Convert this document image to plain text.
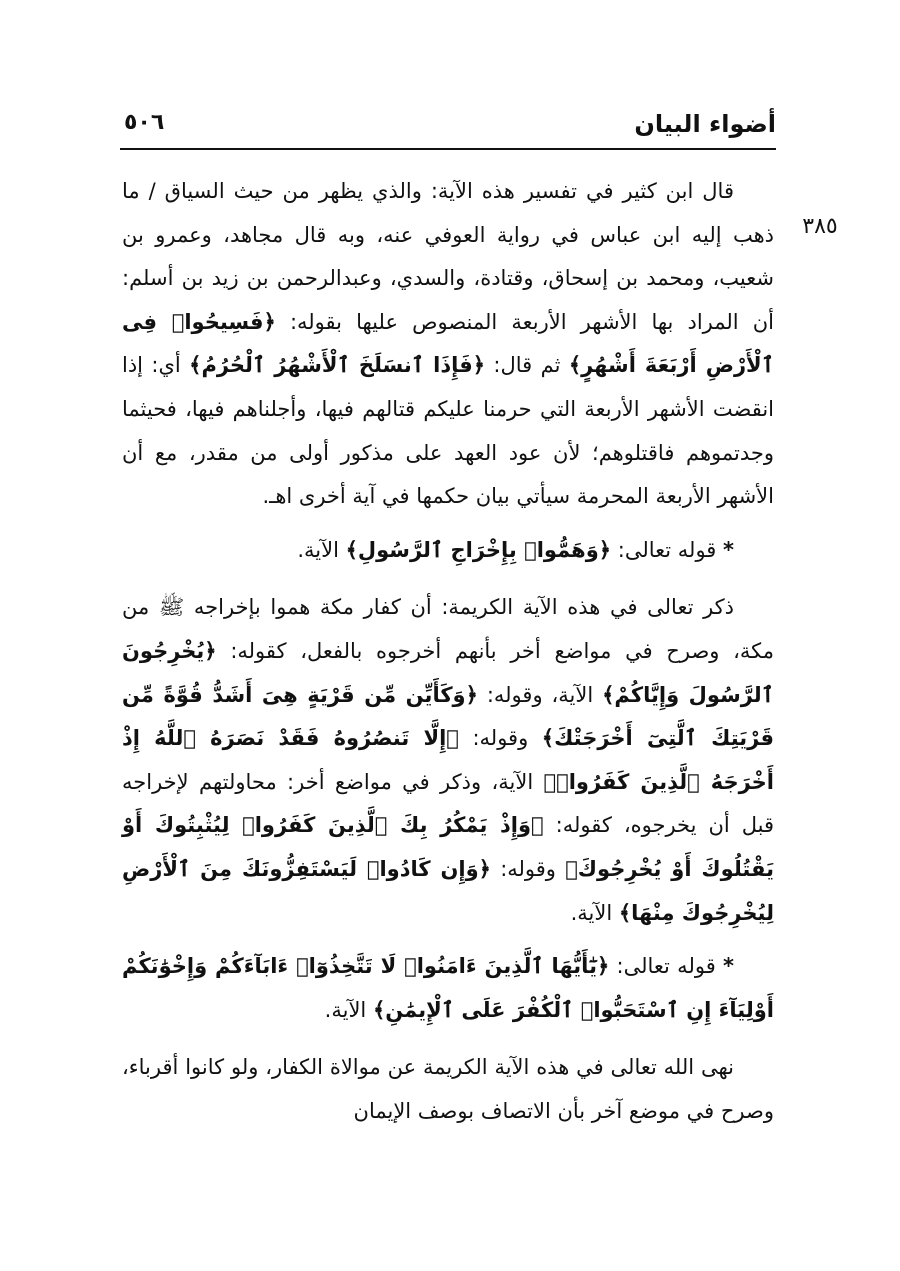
أضواء البيان
٥٠٦
٣٨٥

قال ابن كثير في تفسير هذه الآية: والذي يظهر من حيث السياق / ما ذهب إليه ابن عباس في رواية العوفي عنه، وبه قال مجاهد، وعمرو بن شعيب، ومحمد بن إسحاق، وقتادة، والسدي، وعبدالرحمن بن زيد بن أسلم: أن المراد بها الأشهر الأربعة المنصوص عليها بقوله: ﴿فَسِيحُوا۟ فِى ٱلْأَرْضِ أَرْبَعَةَ أَشْهُرٍ﴾ ثم قال: ﴿فَإِذَا ٱنسَلَخَ ٱلْأَشْهُرُ ٱلْحُرُمُ﴾ أي: إذا انقضت الأشهر الأربعة التي حرمنا عليكم قتالهم فيها، وأجلناهم فيها، فحيثما وجدتموهم فاقتلوهم؛ لأن عود العهد على مذكور أولى من مقدر، مع أن الأشهر الأربعة المحرمة سيأتي بيان حكمها في آية أخرى اهـ.

* قوله تعالى: ﴿وَهَمُّوا۟ بِإِخْرَاجِ ٱلرَّسُولِ﴾ الآية.

ذكر تعالى في هذه الآية الكريمة: أن كفار مكة هموا بإخراجه ﷺ من مكة، وصرح في مواضع أخر بأنهم أخرجوه بالفعل، كقوله: ﴿يُخْرِجُونَ ٱلرَّسُولَ وَإِيَّاكُمْ﴾ الآية، وقوله: ﴿وَكَأَيِّن مِّن قَرْيَةٍ هِىَ أَشَدُّ قُوَّةً مِّن قَرْيَتِكَ ٱلَّتِىٓ أَخْرَجَتْكَ﴾ وقوله: ﴿إِلَّا تَنصُرُوهُ فَقَدْ نَصَرَهُ ٱللَّهُ إِذْ أَخْرَجَهُ ٱلَّذِينَ كَفَرُوا۟﴾ الآية، وذكر في مواضع أخر: محاولتهم لإخراجه قبل أن يخرجوه، كقوله: ﴿وَإِذْ يَمْكُرُ بِكَ ٱلَّذِينَ كَفَرُوا۟ لِيُثْبِتُوكَ أَوْ يَقْتُلُوكَ أَوْ يُخْرِجُوكَ﴾ وقوله: ﴿وَإِن كَادُوا۟ لَيَسْتَفِزُّونَكَ مِنَ ٱلْأَرْضِ لِيُخْرِجُوكَ مِنْهَا﴾ الآية.

* قوله تعالى: ﴿يَٰٓأَيُّهَا ٱلَّذِينَ ءَامَنُوا۟ لَا تَتَّخِذُوٓا۟ ءَابَآءَكُمْ وَإِخْوَٰنَكُمْ أَوْلِيَآءَ إِنِ ٱسْتَحَبُّوا۟ ٱلْكُفْرَ عَلَى ٱلْإِيمَٰنِ﴾ الآية.

نهى الله تعالى في هذه الآية الكريمة عن موالاة الكفار، ولو كانوا أقرباء، وصرح في موضع آخر بأن الاتصاف بوصف الإيمان
